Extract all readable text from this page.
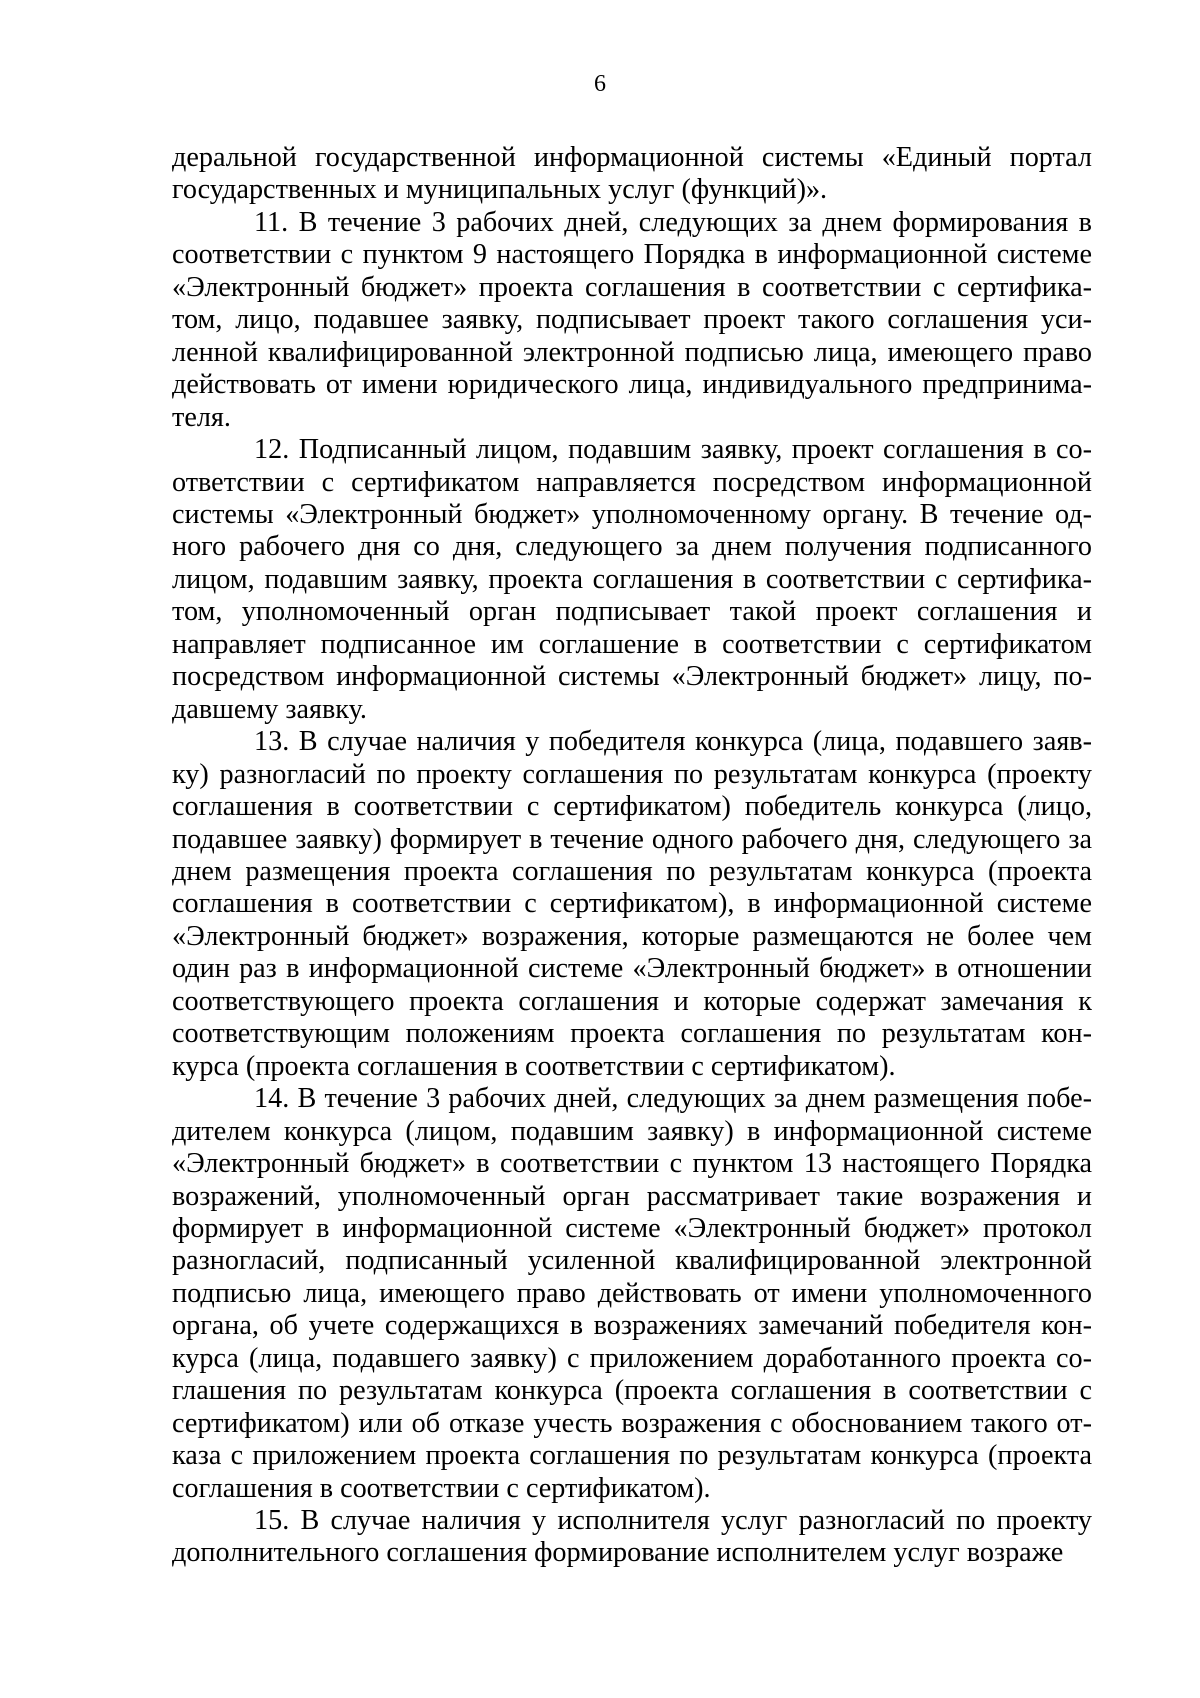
6

деральной государственной информационной системы «Единый портал государственных и муниципальных услуг (функций)».

11. В течение 3 рабочих дней, следующих за днем формирования в соответствии с пунктом 9 настоящего Порядка в информационной системе «Электронный бюджет» проекта соглашения в соответствии с сертификатом, лицо, подавшее заявку, подписывает проект такого соглашения усиленной квалифицированной электронной подписью лица, имеющего право действовать от имени юридического лица, индивидуального предпринимателя.

12. Подписанный лицом, подавшим заявку, проект соглашения в соответствии с сертификатом направляется посредством информационной системы «Электронный бюджет» уполномоченному органу. В течение одного рабочего дня со дня, следующего за днем получения подписанного лицом, подавшим заявку, проекта соглашения в соответствии с сертификатом, уполномоченный орган подписывает такой проект соглашения и направляет подписанное им соглашение в соответствии с сертификатом посредством информационной системы «Электронный бюджет» лицу, подавшему заявку.

13. В случае наличия у победителя конкурса (лица, подавшего заявку) разногласий по проекту соглашения по результатам конкурса (проекту соглашения в соответствии с сертификатом) победитель конкурса (лицо, подавшее заявку) формирует в течение одного рабочего дня, следующего за днем размещения проекта соглашения по результатам конкурса (проекта соглашения в соответствии с сертификатом), в информационной системе «Электронный бюджет» возражения, которые размещаются не более чем один раз в информационной системе «Электронный бюджет» в отношении соответствующего проекта соглашения и которые содержат замечания к соответствующим положениям проекта соглашения по результатам конкурса (проекта соглашения в соответствии с сертификатом).

14. В течение 3 рабочих дней, следующих за днем размещения победителем конкурса (лицом, подавшим заявку) в информационной системе «Электронный бюджет» в соответствии с пунктом 13 настоящего Порядка возражений, уполномоченный орган рассматривает такие возражения и формирует в информационной системе «Электронный бюджет» протокол разногласий, подписанный усиленной квалифицированной электронной подписью лица, имеющего право действовать от имени уполномоченного органа, об учете содержащихся в возражениях замечаний победителя конкурса (лица, подавшего заявку) с приложением доработанного проекта соглашения по результатам конкурса (проекта соглашения в соответствии с сертификатом) или об отказе учесть возражения с обоснованием такого отказа с приложением проекта соглашения по результатам конкурса (проекта соглашения в соответствии с сертификатом).

15. В случае наличия у исполнителя услуг разногласий по проекту дополнительного соглашения формирование исполнителем услуг возраже
